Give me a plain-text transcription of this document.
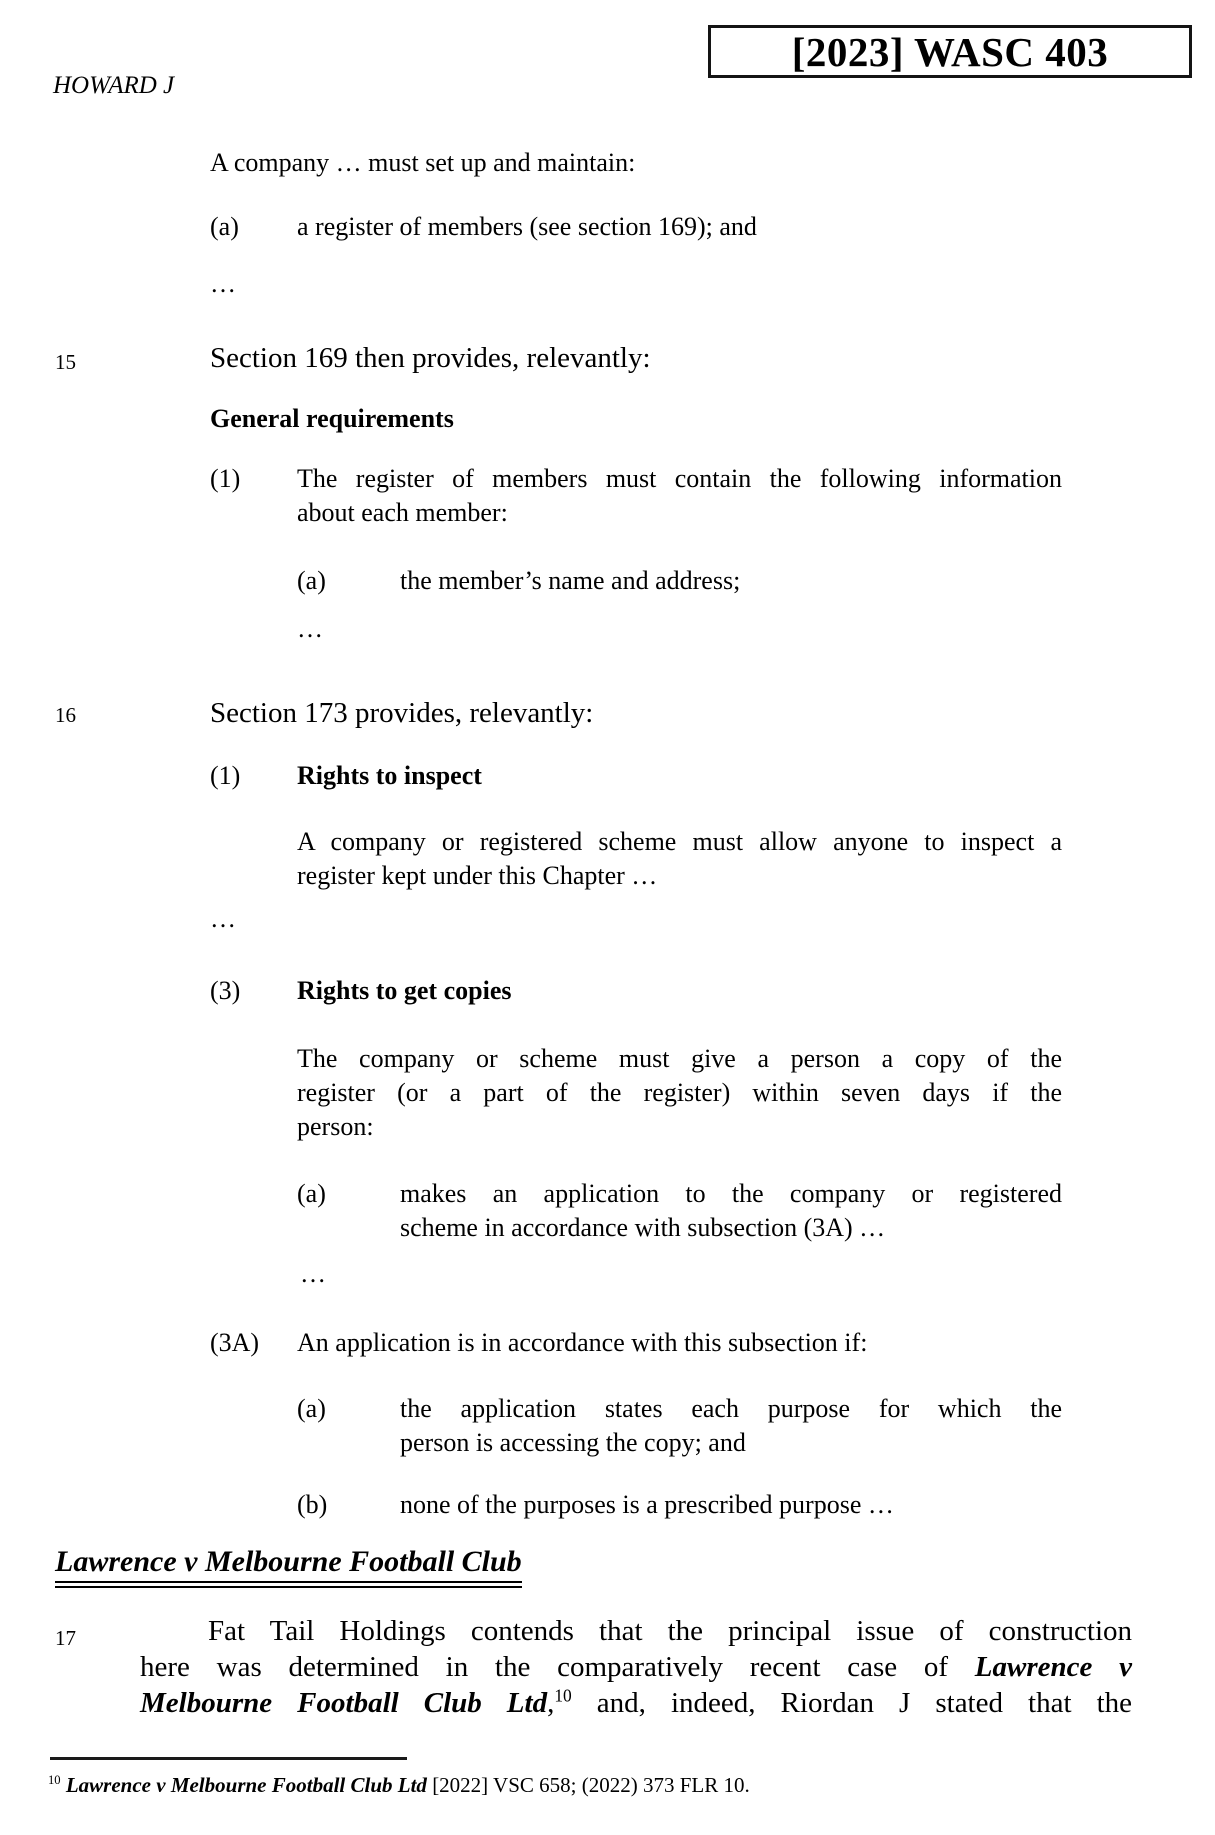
[2023] WASC 403
HOWARD J
A company … must set up and maintain:
(a) a register of members (see section 169); and
…
15	Section 169 then provides, relevantly:
General requirements
(1) The register of members must contain the following information
about each member:
(a)	the member’s name and address;
…
16	Section 173 provides, relevantly:
(1) Rights to inspect
A company or registered scheme must allow anyone to inspect a
register kept under this Chapter …
…
(3) Rights to get copies
The company or scheme must give a person a copy of the
register (or a part of the register) within seven days if the
person:
(a)	makes an application to the company or registered
scheme in accordance with subsection (3A) …
…
(3A) An application is in accordance with this subsection if:
(a)	the application states each purpose for which the
person is accessing the copy; and
(b)	none of the purposes is a prescribed purpose …
Lawrence v Melbourne Football Club
17	Fat Tail Holdings contends that the principal issue of construction
here was determined in the comparatively recent case of Lawrence v
Melbourne Football Club Ltd,$^{10}$ and, indeed, Riordan J stated that the
$^{10}$ Lawrence v Melbourne Football Club Ltd [2022] VSC 658; (2022) 373 FLR 10.
